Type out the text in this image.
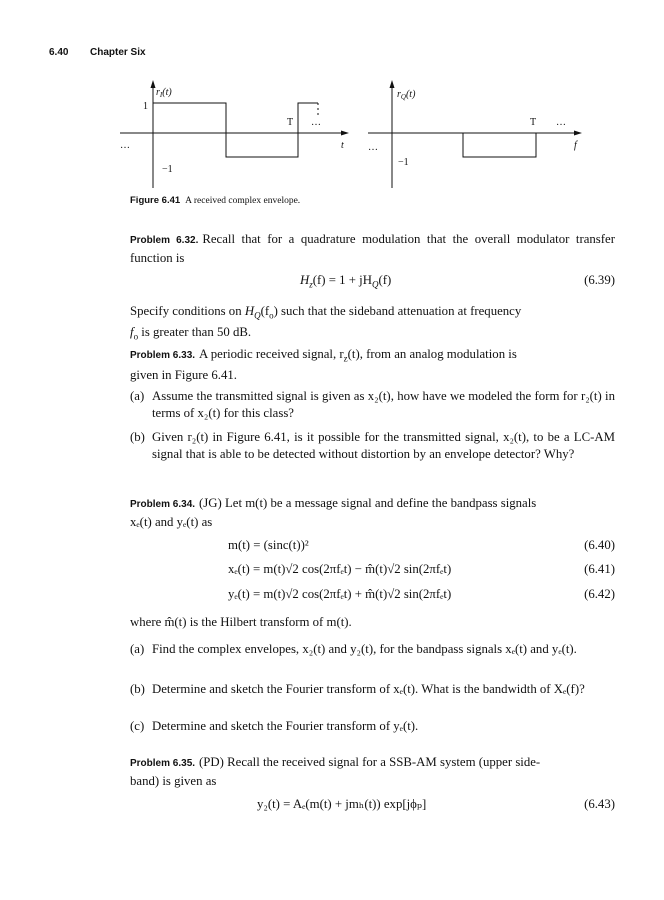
6.40 Chapter Six
$r_I(t)$
1
−1
T …
…	t
$r_Q(t)$
−1
T …
…	f
Figure 6.41 A received complex envelope.
Problem 6.32. Recall that for a quadrature modulation that the overall modulator transfer function is
$H_z(f) = 1 + jH_Q(f)$	(6.39)
Specify conditions on $H_Q(f_o)$ such that the sideband attenuation at frequency
$f_o$ is greater than 50 dB.
Problem 6.33. A periodic received signal, $r_z(t)$, from an analog modulation is
given in Figure 6.41.
(a) Assume the transmitted signal is given as x₂(t), how have we modeled the form for r₂(t) in terms of x₂(t) for this class?
(b) Given r₂(t) in Figure 6.41, is it possible for the transmitted signal, x₂(t), to be a LC-AM signal that is able to be detected without distortion by an envelope detector? Why?
Problem 6.34. (JG) Let m(t) be a message signal and define the bandpass signals
xₑ(t) and yₑ(t) as
m(t) = (sinc(t))²	(6.40)
xₑ(t) = m(t)√2 cos(2πfₑt) − m̂(t)√2 sin(2πfₑt)	(6.41)
yₑ(t) = m(t)√2 cos(2πfₑt) + m̂(t)√2 sin(2πfₑt)	(6.42)
where m̂(t) is the Hilbert transform of m(t).
(a) Find the complex envelopes, x₂(t) and y₂(t), for the bandpass signals xₑ(t) and yₑ(t).
(b) Determine and sketch the Fourier transform of xₑ(t). What is the bandwidth of Xₑ(f)?
(c) Determine and sketch the Fourier transform of yₑ(t).
Problem 6.35. (PD) Recall the received signal for a SSB-AM system (upper side-
band) is given as
y₂(t) = Aₑ(m(t) + jmₕ(t)) exp[jϕₚ]	(6.43)
